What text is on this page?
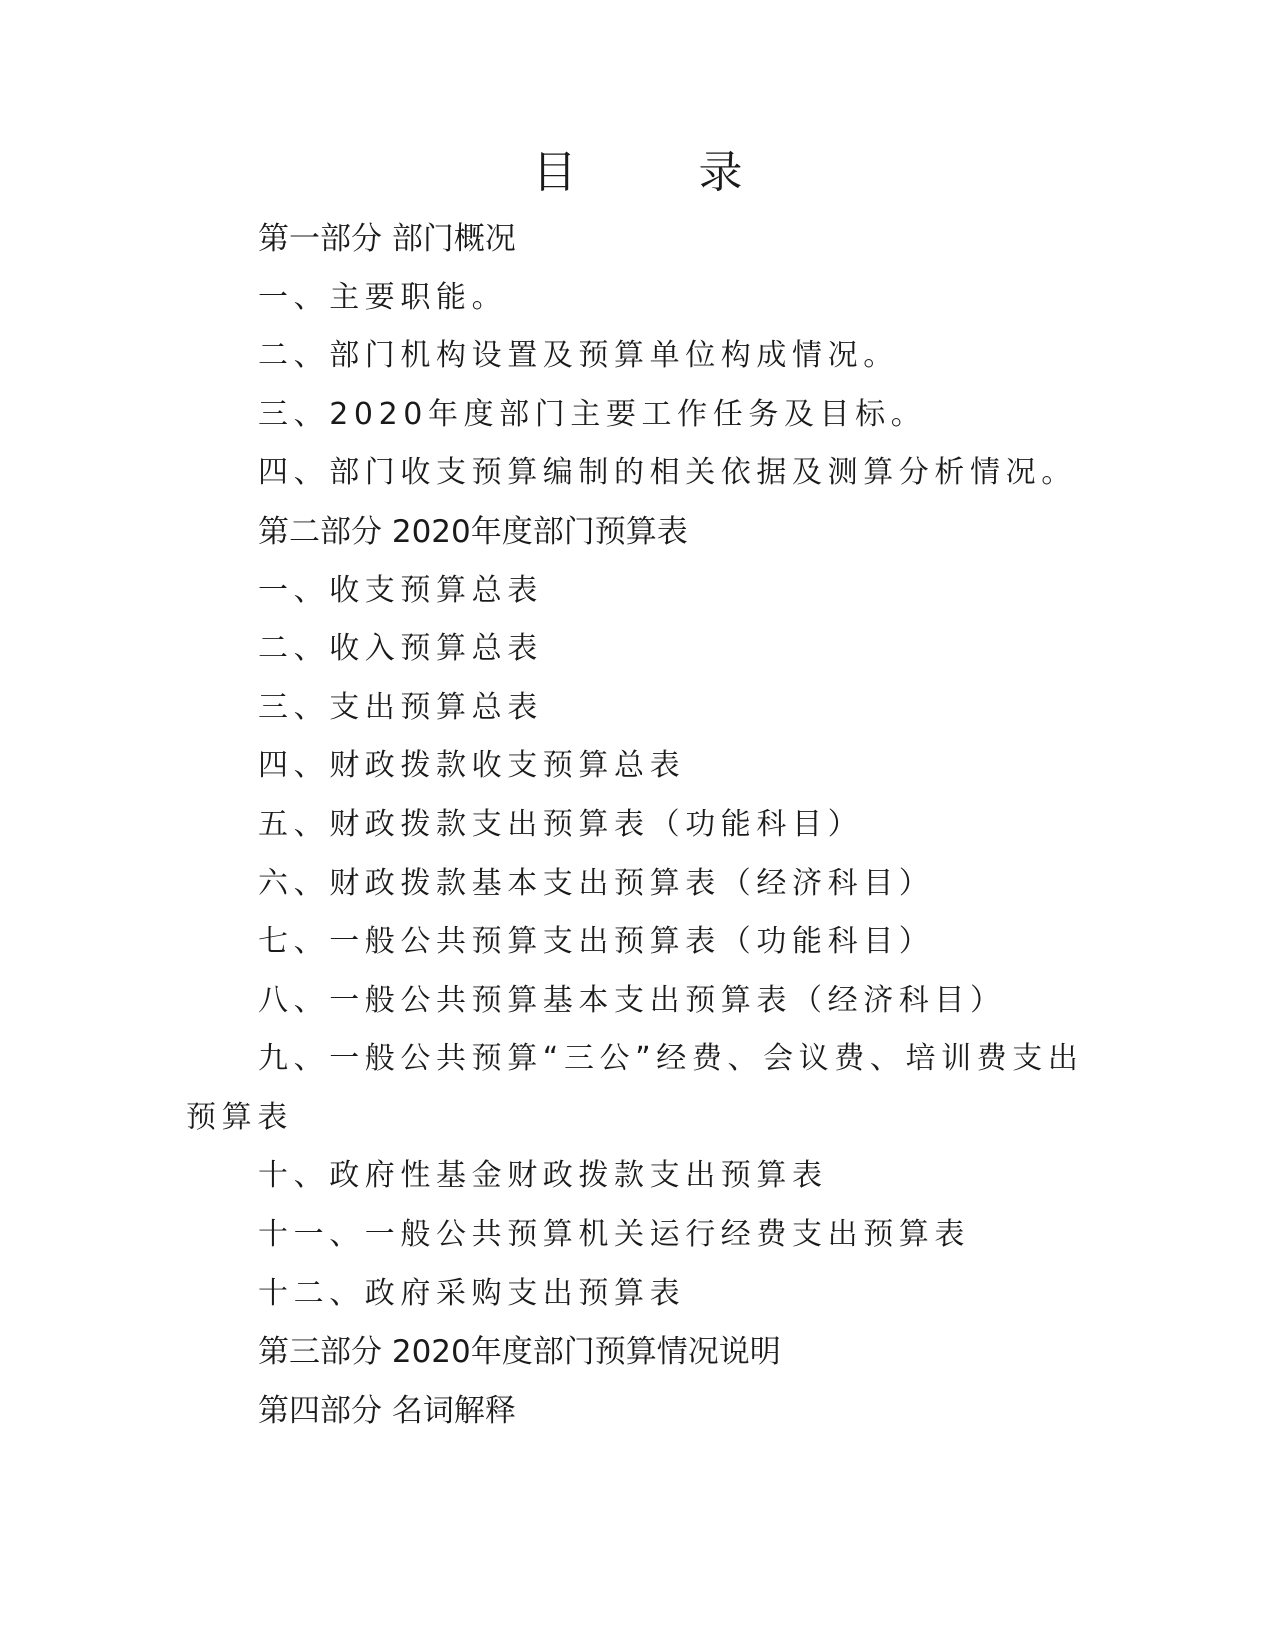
目	录
第一部分 部门概况
一、主要职能。
二、部门机构设置及预算单位构成情况。
三、2020年度部门主要工作任务及目标。
四、部门收支预算编制的相关依据及测算分析情况。
第二部分 2020年度部门预算表
一、收支预算总表
二、收入预算总表
三、支出预算总表
四、财政拨款收支预算总表
五、财政拨款支出预算表（功能科目）
六、财政拨款基本支出预算表（经济科目）
七、一般公共预算支出预算表（功能科目）
八、一般公共预算基本支出预算表（经济科目）
九、一般公共预算“三公”经费、会议费、培训费支出预算表
十、政府性基金财政拨款支出预算表
十一、一般公共预算机关运行经费支出预算表
十二、政府采购支出预算表
第三部分 2020年度部门预算情况说明
第四部分 名词解释
